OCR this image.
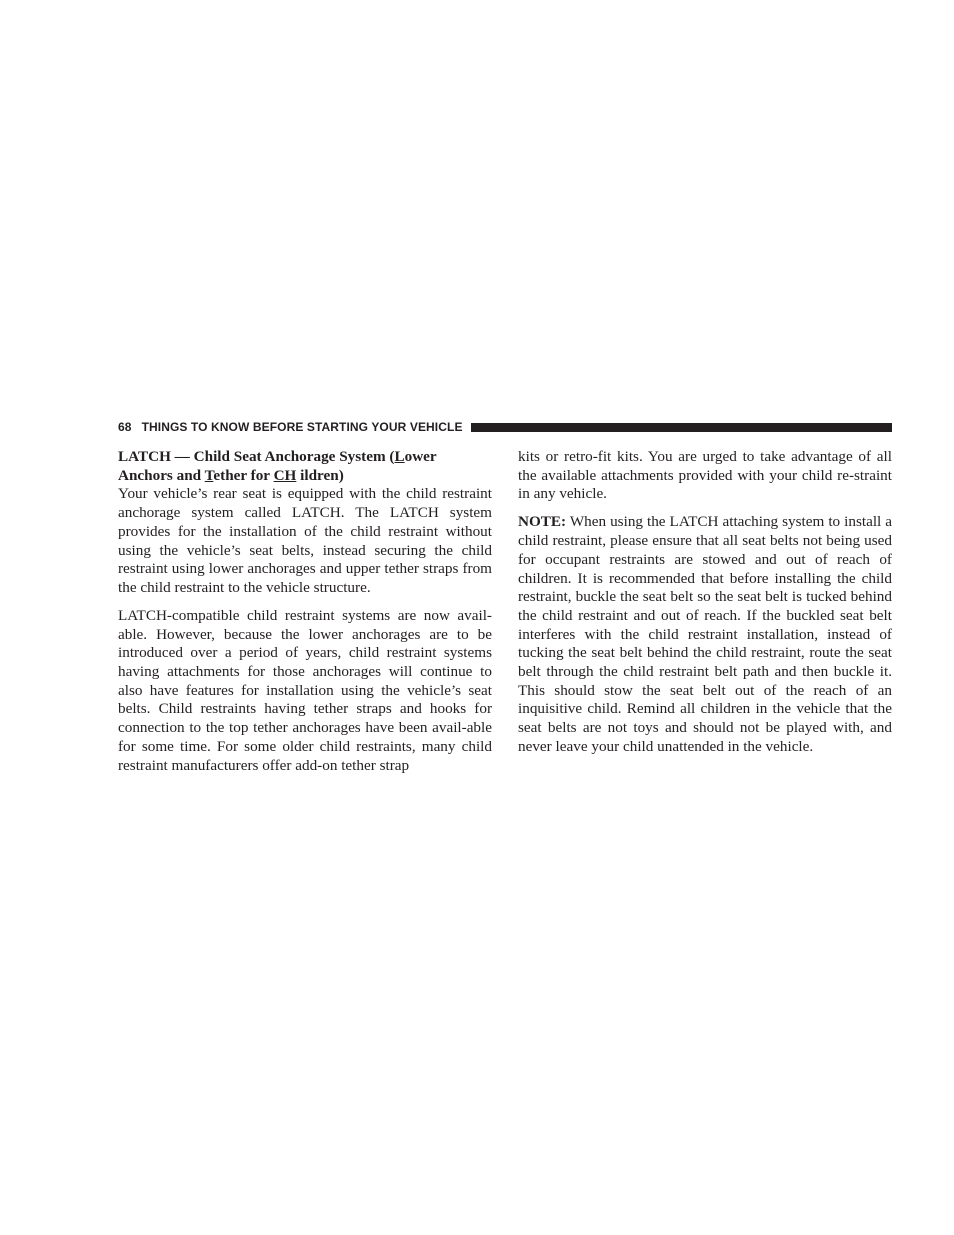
68 THINGS TO KNOW BEFORE STARTING YOUR VEHICLE
LATCH — Child Seat Anchorage System (Lower Anchors and Tether for CH ildren)

Your vehicle’s rear seat is equipped with the child restraint anchorage system called LATCH. The LATCH system provides for the installation of the child restraint without using the vehicle’s seat belts, instead securing the child restraint using lower anchorages and upper tether straps from the child restraint to the vehicle structure.

LATCH-compatible child restraint systems are now avail-able. However, because the lower anchorages are to be introduced over a period of years, child restraint systems having attachments for those anchorages will continue to also have features for installation using the vehicle’s seat belts. Child restraints having tether straps and hooks for connection to the top tether anchorages have been avail-able for some time. For some older child restraints, many child restraint manufacturers offer add-on tether strap

kits or retro-fit kits. You are urged to take advantage of all the available attachments provided with your child re-straint in any vehicle.

NOTE: When using the LATCH attaching system to install a child restraint, please ensure that all seat belts not being used for occupant restraints are stowed and out of reach of children. It is recommended that before installing the child restraint, buckle the seat belt so the seat belt is tucked behind the child restraint and out of reach. If the buckled seat belt interferes with the child restraint installation, instead of tucking the seat belt behind the child restraint, route the seat belt through the child restraint belt path and then buckle it. This should stow the seat belt out of the reach of an inquisitive child. Remind all children in the vehicle that the seat belts are not toys and should not be played with, and never leave your child unattended in the vehicle.
